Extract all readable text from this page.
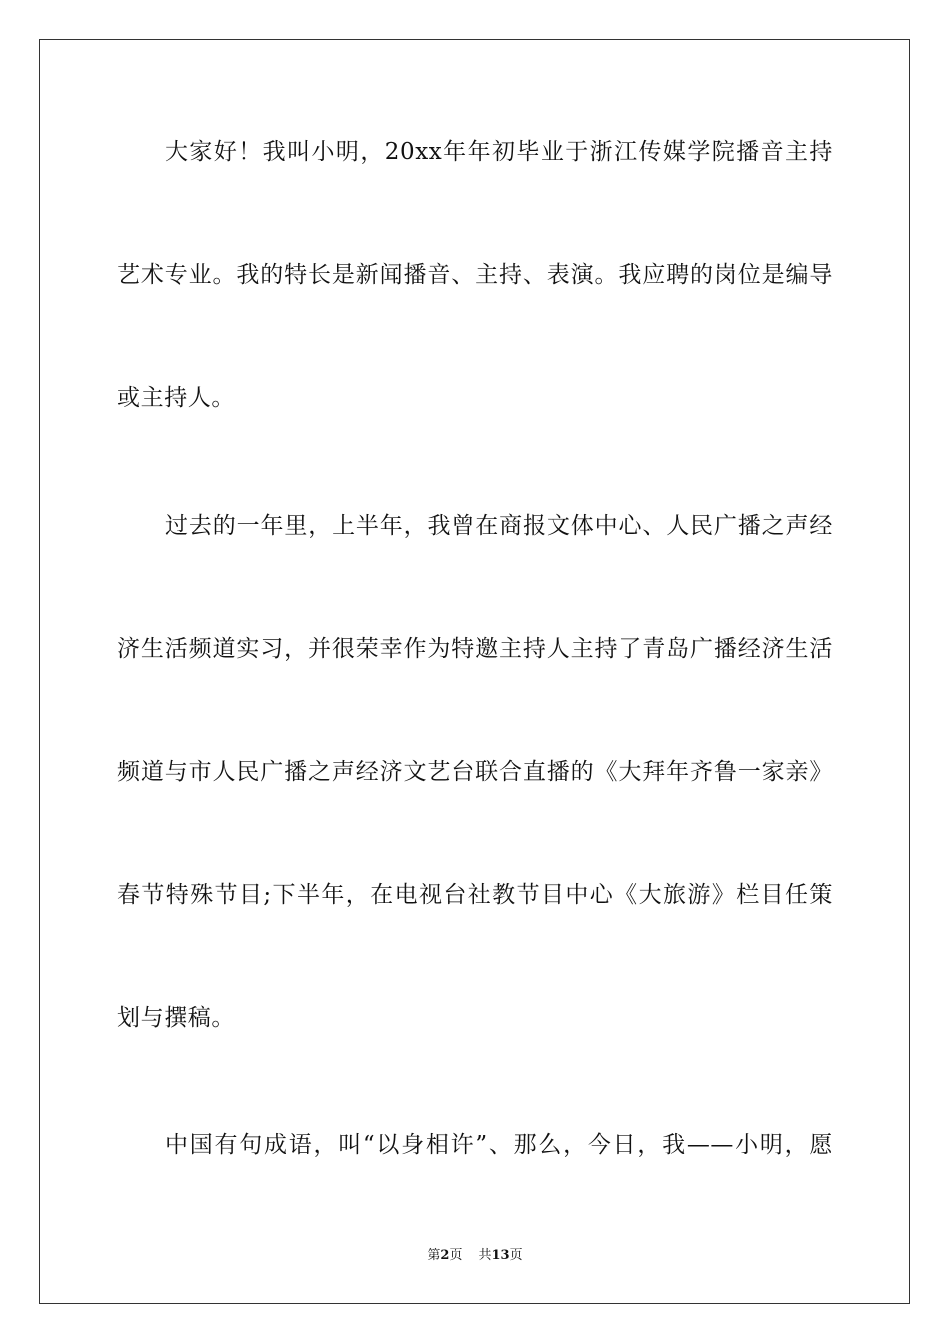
大家好！我叫小明，20xx年年初毕业于浙江传媒学院播音主持
艺术专业。我的特长是新闻播音、主持、表演。我应聘的岗位是编导
或主持人。
过去的一年里，上半年，我曾在商报文体中心、人民广播之声经
济生活频道实习，并很荣幸作为特邀主持人主持了青岛广播经济生活
频道与市人民广播之声经济文艺台联合直播的《大拜年齐鲁一家亲》
春节特殊节目;下半年，在电视台社教节目中心《大旅游》栏目任策
划与撰稿。
中国有句成语，叫“以身相许”、那么，今日，我——小明，愿
第2页 共13页
